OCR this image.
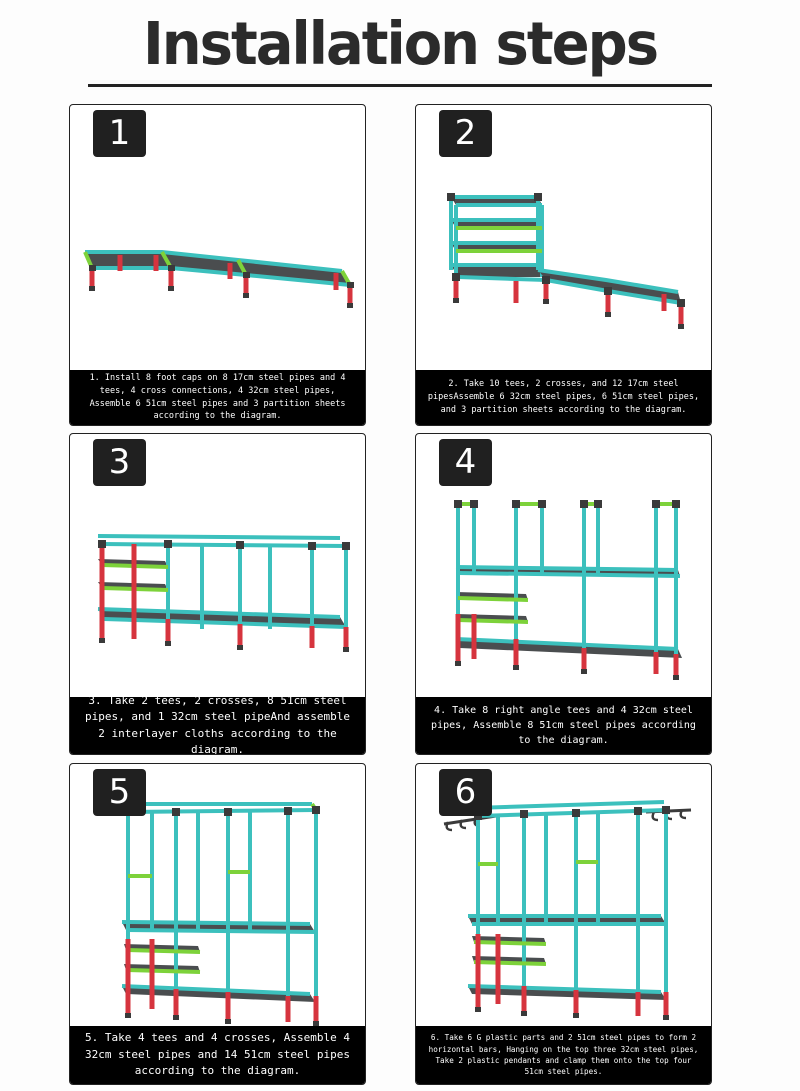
Installation steps
1
1. Install 8 foot caps on 8 17cm steel pipes and 4 tees, 4 cross connections, 4 32cm steel pipes, Assemble 6 51cm steel pipes and 3 partition sheets according to the diagram.
2
2. Take 10 tees, 2 crosses, and 12 17cm steel pipesAssemble 6 32cm steel pipes, 6 51cm steel pipes, and 3 partition sheets according to the diagram.
3
3. Take 2 tees, 2 crosses, 8 51cm steel pipes, and 1 32cm steel pipeAnd assemble 2 interlayer cloths according to the diagram.
4
4. Take 8 right angle tees and 4 32cm steel pipes, Assemble 8 51cm steel pipes according to the diagram.
5
5. Take 4 tees and 4 crosses, Assemble 4 32cm steel pipes and 14 51cm steel pipes according to the diagram.
6
6. Take 6 G plastic parts and 2 51cm steel pipes to form 2 horizontal bars, Hanging on the top three 32cm steel pipes, Take 2 plastic pendants and clamp them onto the top four 51cm steel pipes.
